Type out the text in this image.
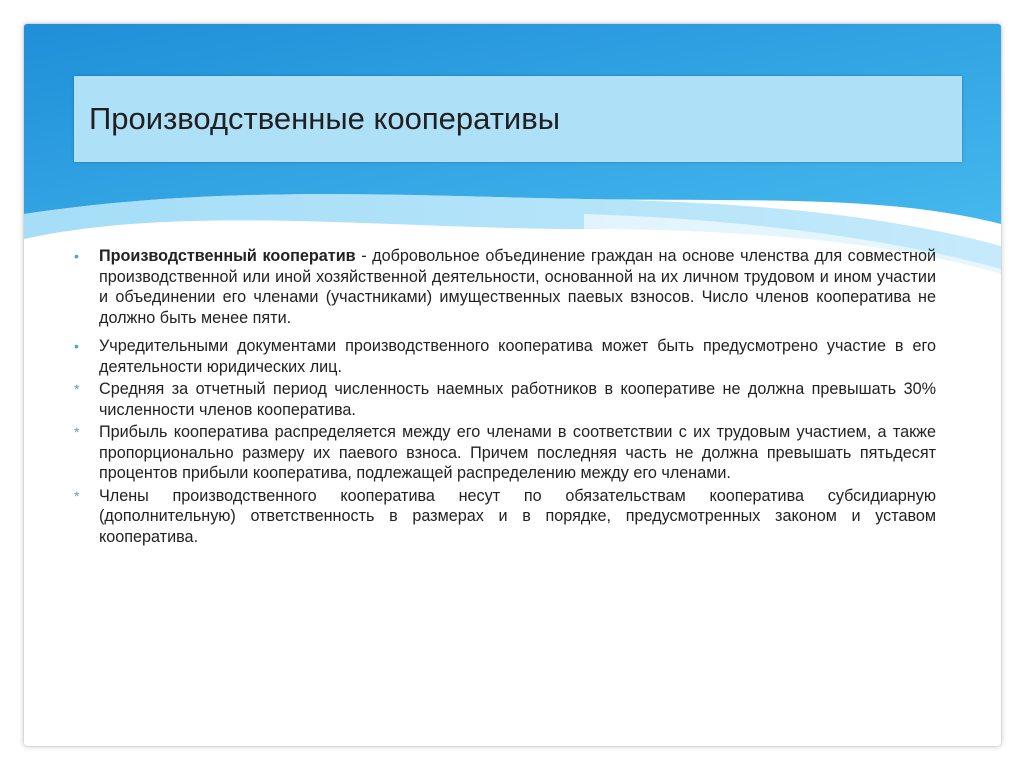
Производственные кооперативы
•	Производственный кооператив - добровольное объединение граждан на основе членства для совместной производственной или иной хозяйственной деятельности, основанной на их личном трудовом и ином участии и объединении его членами (участниками) имущественных паевых взносов. Число членов кооператива не должно быть менее пяти.
•	Учредительными документами производственного кооператива может быть предусмотрено участие в его деятельности юридических лиц.
*	Средняя за отчетный период численность наемных работников в кооперативе не должна превышать 30% численности членов кооператива.
*	Прибыль кооператива распределяется между его членами в соответствии с их трудовым участием, а также пропорционально размеру их паевого взноса. Причем последняя часть не должна превышать пятьдесят процентов прибыли кооператива, подлежащей распределению между его членами.
*	Члены производственного кооператива несут по обязательствам кооператива субсидиарную (дополнительную) ответственность в размерах и в порядке, предусмотренных законом и уставом кооператива.
